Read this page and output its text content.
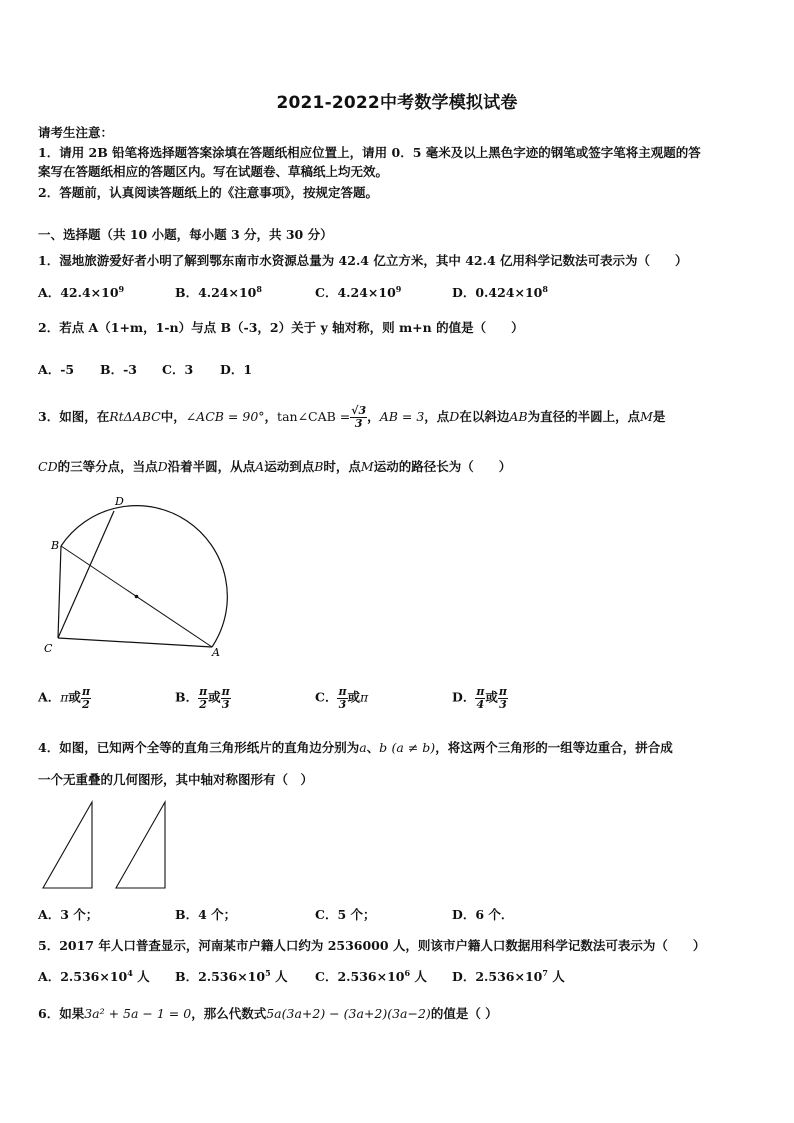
2021-2022中考数学模拟试卷
请考生注意：
1．请用 2B 铅笔将选择题答案涂填在答题纸相应位置上，请用 0．5 毫米及以上黑色字迹的钢笔或签字笔将主观题的答
案写在答题纸相应的答题区内。写在试题卷、草稿纸上均无效。
2．答题前，认真阅读答题纸上的《注意事项》，按规定答题。
一、选择题（共 10 小题，每小题 3 分，共 30 分）
1．湿地旅游爱好者小明了解到鄂东南市水资源总量为 42.4 亿立方米，其中 42.4 亿用科学记数法可表示为（　　）
A．$42.4\times 10^9$	B．$4.24\times 10^8$	C．$4.24\times 10^9$	D．$0.424\times 10^8$
2．若点 A（1+m，1-n）与点 B（-3，2）关于 y 轴对称，则 m+n 的值是（　　）
A．-5 B．-3 C．3 D．1
3．如图，在RtΔABC中，∠ACB = 90°，tan∠CAB = $\frac{√3}{3}$ ，AB = 3，点D在以斜边AB为直径的半圆上，点M是
CD的三等分点，当点D沿着半圆，从点A运动到点B时，点M运动的路径长为（　　）
D
B
C	A
A．π或 $\frac{\pi}{2}$	B． $\frac{\pi}{2}$ 或 $\frac{\pi}{3}$	C． $\frac{\pi}{3}$ 或π	D． $\frac{\pi}{4}$ 或 $\frac{\pi}{3}$
4．如图，已知两个全等的直角三角形纸片的直角边分别为a、b (a ≠ b)，将这两个三角形的一组等边重合，拼合成
一个无重叠的几何图形，其中轴对称图形有（　）
A．3 个；	B．4 个；	C．5 个；	D．6 个．
5．2017 年人口普查显示，河南某市户籍人口约为 2536000 人，则该市户籍人口数据用科学记数法可表示为（　　）
A．$2.536\times 10^4$ 人 B．$2.536\times 10^5$ 人 C．$2.536\times 10^6$ 人 D．$2.536\times 10^7$ 人
6．如果3a² + 5a − 1 = 0，那么代数式5a(3a+2) − (3a+2)(3a−2)的值是（ ）
